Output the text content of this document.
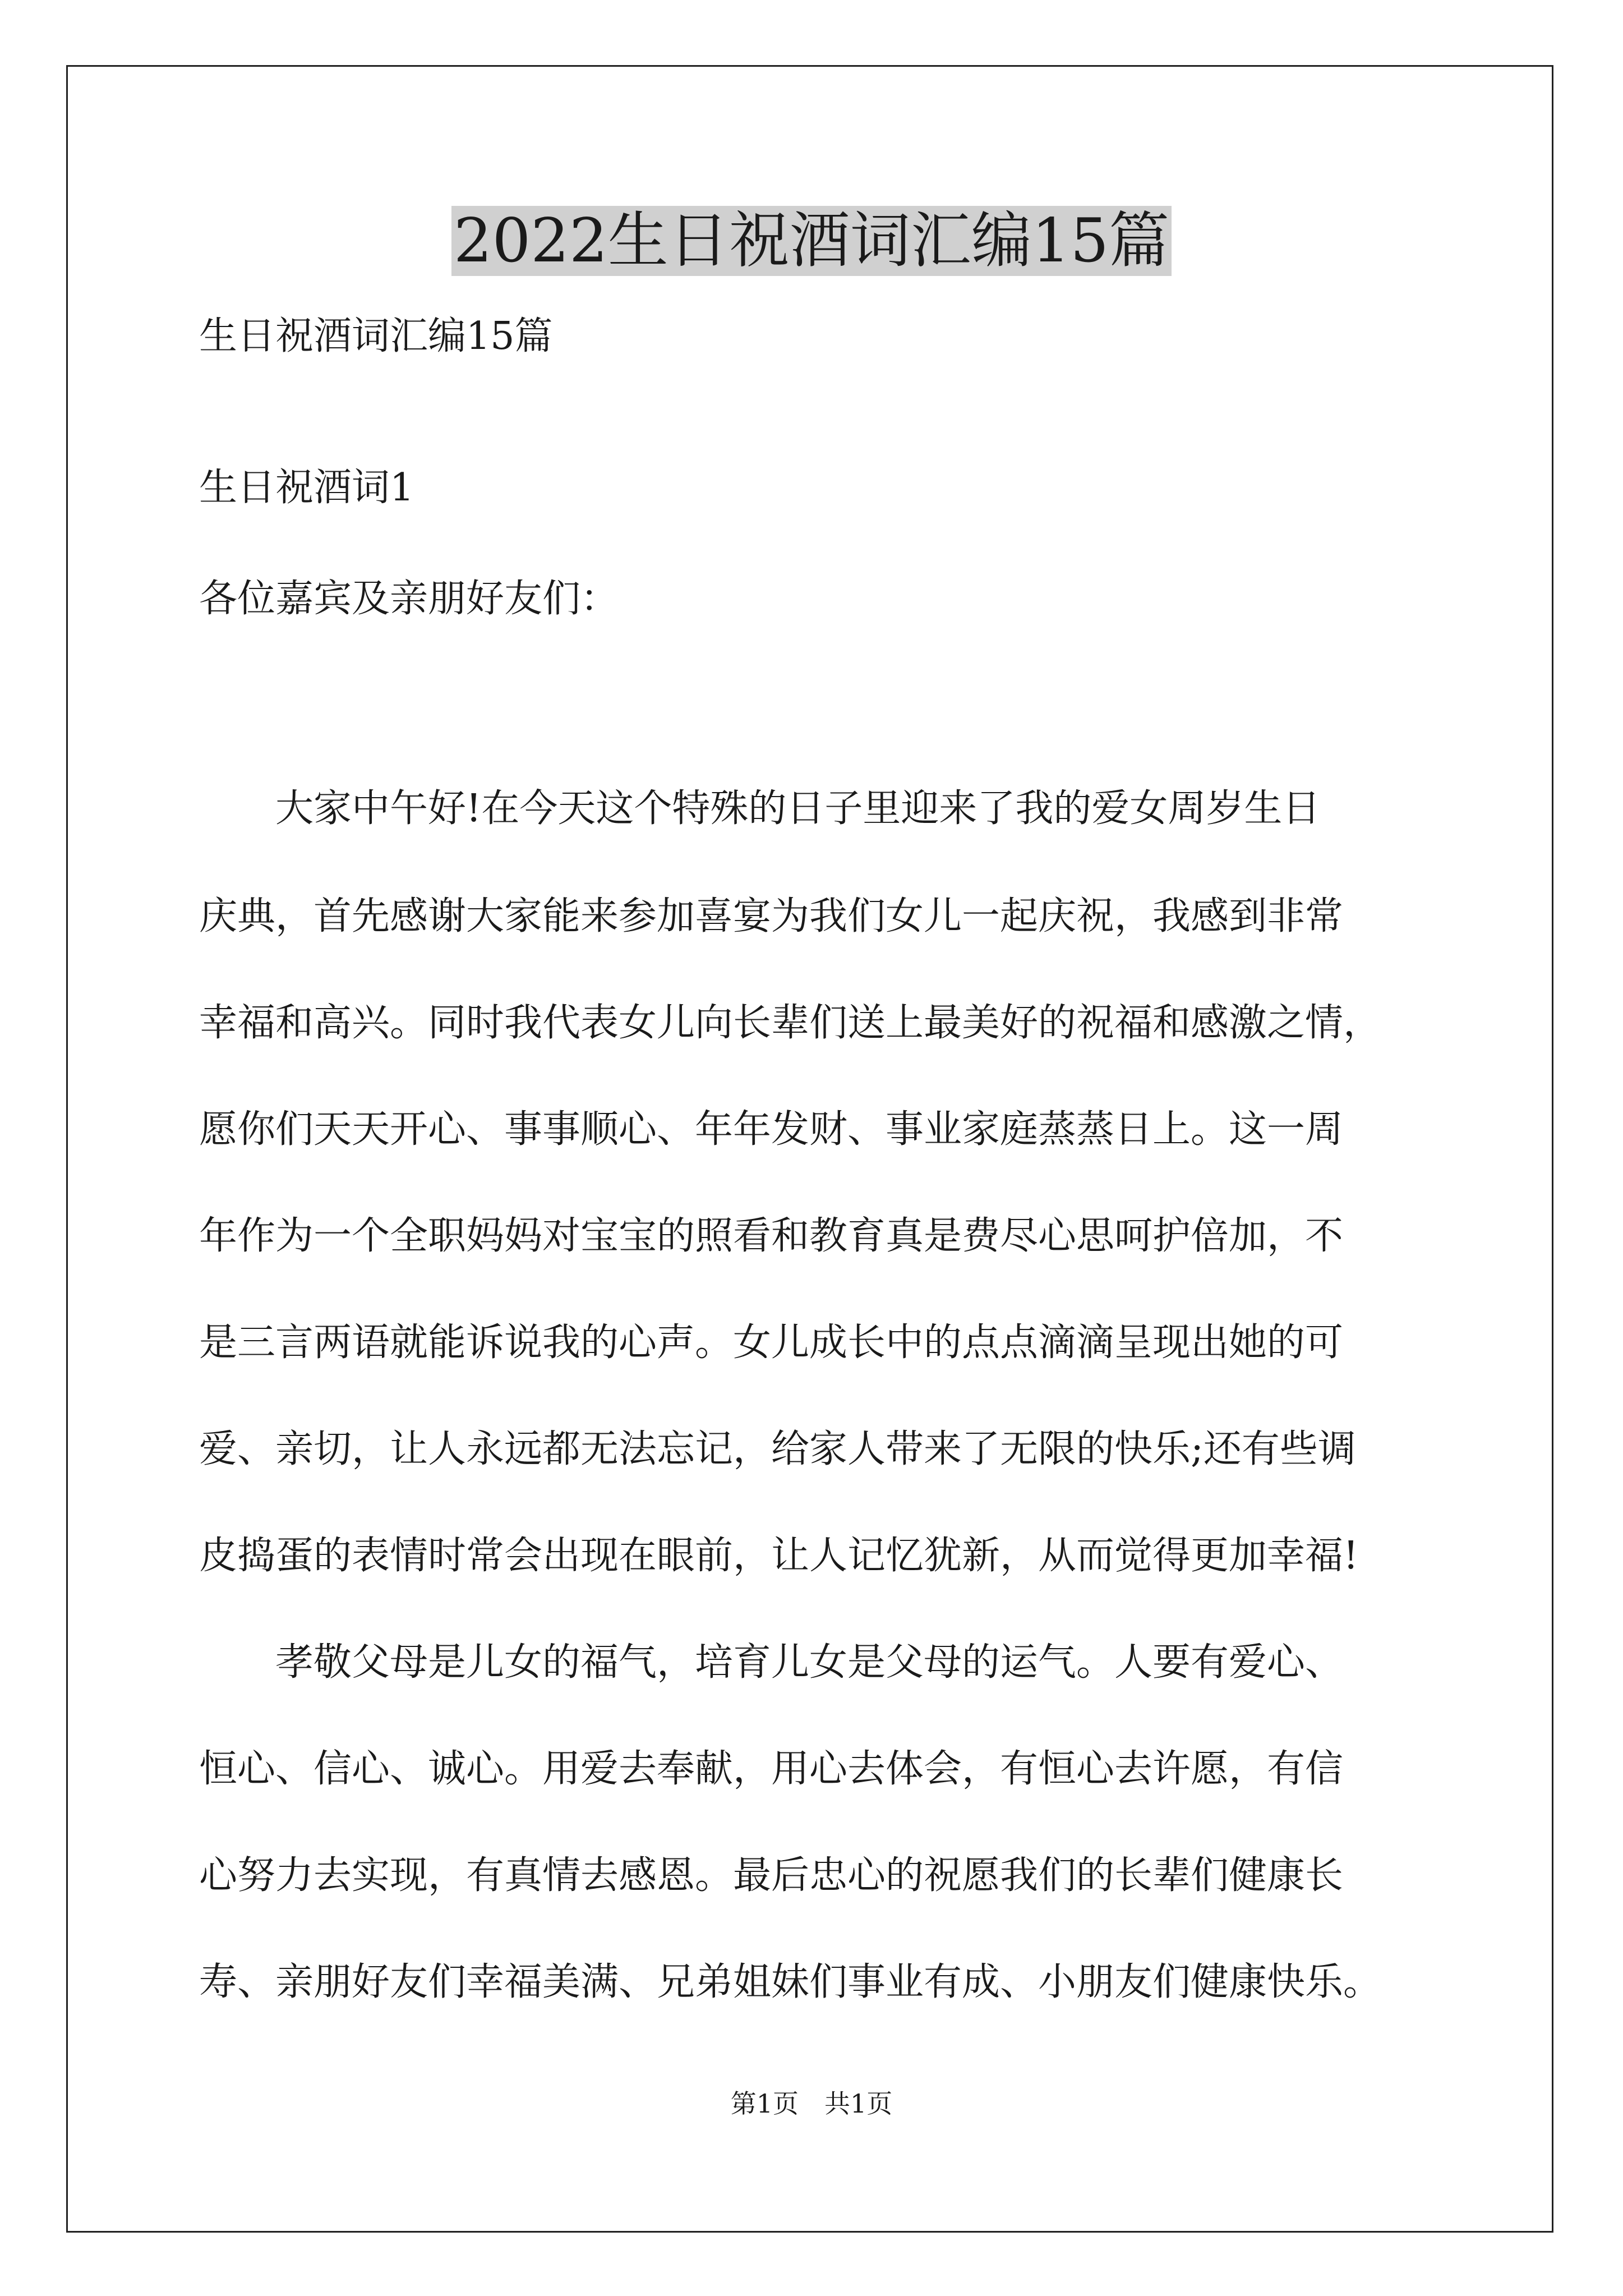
2022生日祝酒词汇编15篇

生日祝酒词汇编15篇

生日祝酒词1

各位嘉宾及亲朋好友们：

　　大家中午好!在今天这个特殊的日子里迎来了我的爱女周岁生日

庆典，首先感谢大家能来参加喜宴为我们女儿一起庆祝，我感到非常

幸福和高兴。同时我代表女儿向长辈们送上最美好的祝福和感激之情，

愿你们天天开心、事事顺心、年年发财、事业家庭蒸蒸日上。这一周

年作为一个全职妈妈对宝宝的照看和教育真是费尽心思呵护倍加，不

是三言两语就能诉说我的心声。女儿成长中的点点滴滴呈现出她的可

爱、亲切，让人永远都无法忘记，给家人带来了无限的快乐;还有些调

皮捣蛋的表情时常会出现在眼前，让人记忆犹新，从而觉得更加幸福!

　　孝敬父母是儿女的福气，培育儿女是父母的运气。人要有爱心、

恒心、信心、诚心。用爱去奉献，用心去体会，有恒心去许愿，有信

心努力去实现，有真情去感恩。最后忠心的祝愿我们的长辈们健康长

寿、亲朋好友们幸福美满、兄弟姐妹们事业有成、小朋友们健康快乐。

第1页　共1页
